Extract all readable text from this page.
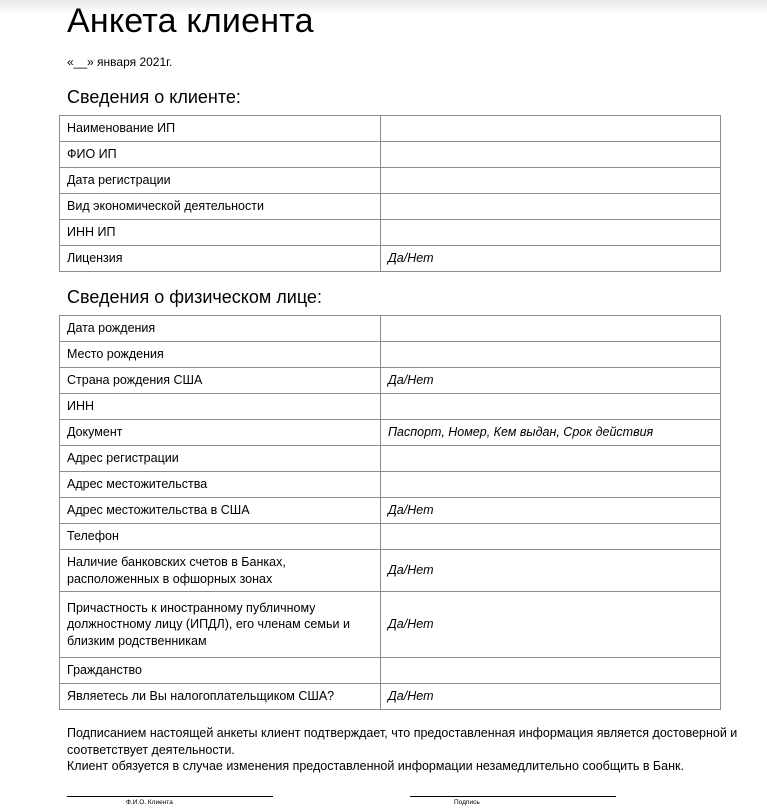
Анкета клиента
«__» января 2021г.
Сведения о клиенте:
Наименование ИП	
ФИО ИП	
Дата регистрации	
Вид экономической деятельности	
ИНН ИП	
Лицензия	Да/Нет
Сведения о физическом лице:
Дата рождения	
Место рождения	
Страна рождения США	Да/Нет
ИНН	
Документ	Паспорт, Номер, Кем выдан, Срок действия
Адрес регистрации	
Адрес местожительства	
Адрес местожительства в США	Да/Нет
Телефон	
Наличие банковских счетов в Банках,
расположенных в офшорных зонах	Да/Нет
Причастность к иностранному публичному
должностному лицу (ИПДЛ), его членам семьи и
близким родственникам	Да/Нет
Гражданство	
Являетесь ли Вы налогоплательщиком США?	Да/Нет
Подписанием настоящей анкеты клиент подтверждает, что предоставленная информация является достоверной и соответствует деятельности.
Клиент обязуется в случае изменения предоставленной информации незамедлительно сообщить в Банк.
Ф.И.О. Клиента	Подпись
